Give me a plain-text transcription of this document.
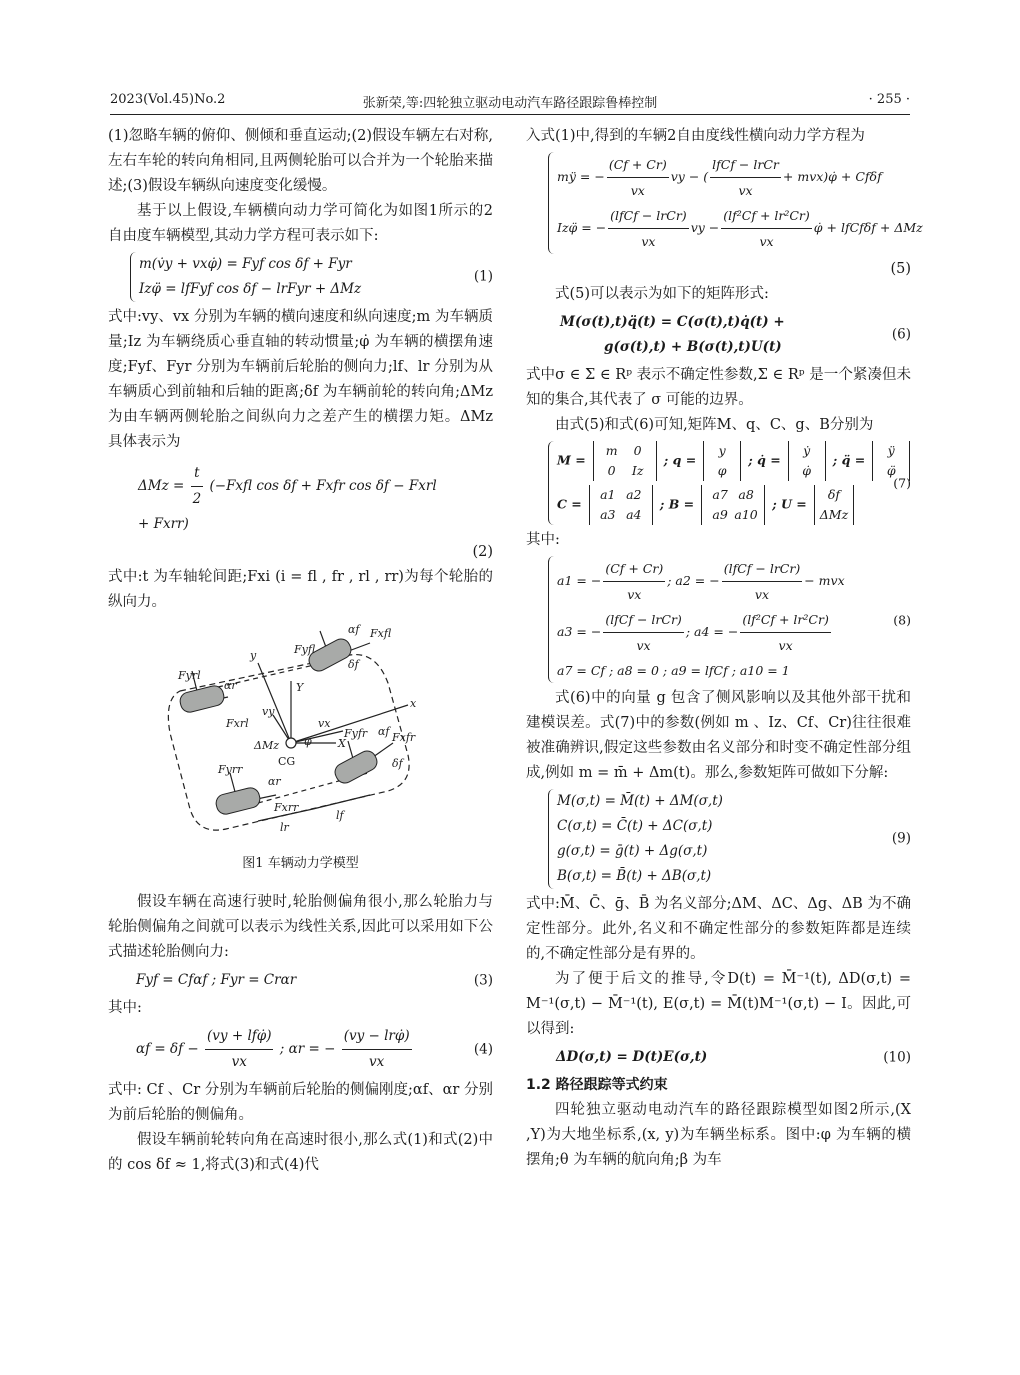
2023(Vol.45)No.2	张新荣,等:四轮独立驱动电动汽车路径跟踪鲁棒控制	· 255 ·

(1)忽略车辆的俯仰、侧倾和垂直运动;(2)假设车辆左右对称,左右车轮的转向角相同,且两侧轮胎可以合并为一个轮胎来描述;(3)假设车辆纵向速度变化缓慢。

基于以上假设,车辆横向动力学可简化为如图1所示的2自由度车辆模型,其动力学方程可表示如下:

m(v̇y + vxφ̇) = Fyf cos δf + Fyr
Izφ̈ = lfFyf cos δf − lrFyr + ΔMz
(1)

式中:vy、vx 分别为车辆的横向速度和纵向速度;m 为车辆质量;Iz 为车辆绕质心垂直轴的转动惯量;φ̇ 为车辆的横摆角速度;Fyf、Fyr 分别为车辆前后轮胎的侧向力;lf、lr 分别为从车辆质心到前轴和后轴的距离;δf 为车辆前轮的转向角;ΔMz 为由车辆两侧轮胎之间纵向力之差产生的横摆力矩。ΔMz 具体表示为

$\Delta Mz = \frac{t}{2}$ (−Fxfl cos δf + Fxfr cos δf − Fxrl + Fxrr)

(2)

式中:t 为车轴轮间距;Fxi (i = fl , fr , rl , rr)为每个轮胎的纵向力。

y	Fyfl
αf
δf
Fxfl
Fyrl
αr
Fxrl
Y
vy
vx
x
ΔMz φ X
CG
αf Fxfr
Fyfr
δf
Fyrr
αr
Fxrr
lr
lf
图1 车辆动力学模型

假设车辆在高速行驶时,轮胎侧偏角很小,那么轮胎力与轮胎侧偏角之间就可以表示为线性关系,因此可以采用如下公式描述轮胎侧向力:

Fyf = Cfαf ; Fyr = Crαr	(3)

其中:

$\alpha f = \delta f - \frac{\text{(vy + lfφ̇)}}{vx}$ ; αr = − $\frac{\text{(vy − lrφ̇)}}{vx}$	(4)

式中: Cf 、Cr 分别为车辆前后轮胎的侧偏刚度;αf、αr 分别为前后轮胎的侧偏角。

假设车辆前轮转向角在高速时很小,那么式(1)和式(2)中的 cos δf ≈ 1,将式(3)和式(4)代

入式(1)中,得到的车辆2自由度线性横向动力学方程为

mÿ = − $\frac{(Cf + Cr)}{vx}$ vy − ( $\frac{\text{lfCf − lrCr}}{vx}$ + mvx)φ̇ + Cfδf
Izφ̈ = − $\frac{\text{(lfCf − lrCr)}}{vx}$ vy − $\frac{\text{(lf²Cf + lr²Cr)}}{vx}$ φ̇ + lfCfδf + ΔMz

(5)

式(5)可以表示为如下的矩阵形式:

M(σ(t),t)q̈(t) = C(σ(t),t)q̇(t) +
g(σ(t),t) + B(σ(t),t)U(t)
(6)

式中σ ∈ Σ ∈ Rᵖ 表示不确定性参数,Σ ∈ Rᵖ 是一个紧凑但未知的集合,其代表了 σ 可能的边界。

由式(5)和式(6)可知,矩阵M、q、C、g、B分别为

M = m 0
0 Iz ; q = y
φ ; q̇ = ẏ
φ̇ ; q̈ = ÿ
φ̈
C = a1 a2
a3 a4 ; B = a7 a8
a9 a10 ; U = δf
ΔMz
(7)

其中:

a1 = − $\frac{(Cf + Cr)}{vx}$ ; a2 = − $\frac{\text{(lfCf − lrCr)}}{vx}$ − mvx
a3 = − $\frac{\text{(lfCf − lrCr)}}{vx}$ ; a4 = − $\frac{\text{(lf²Cf + lr²Cr)}}{vx}$
a7 = Cf ; a8 = 0 ; a9 = lfCf ; a10 = 1
(8)

式(6)中的向量 g 包含了侧风影响以及其他外部干扰和建模误差。式(7)中的参数(例如 m 、Iz、Cf、Cr)往往很难被准确辨识,假定这些参数由名义部分和时变不确定性部分组成,例如 m = m̄ + Δm(t)。那么,参数矩阵可做如下分解:

M(σ,t) = M̄(t) + ΔM(σ,t)
C(σ,t) = C̄(t) + ΔC(σ,t)
g(σ,t) = ḡ(t) + Δg(σ,t)
B(σ,t) = B̄(t) + ΔB(σ,t)
(9)

式中:M̄、C̄、ḡ、B̄ 为名义部分;ΔM、ΔC、Δg、ΔB 为不确定性部分。此外,名义和不确定性部分的参数矩阵都是连续的,不确定性部分是有界的。

为了便于后文的推导,令D(t) = M̄⁻¹(t), ΔD(σ,t) = M⁻¹(σ,t) − M̄⁻¹(t), E(σ,t) = M̄(t)M⁻¹(σ,t) − I。因此,可以得到:

ΔD(σ,t) = D(t)E(σ,t)	(10)
1.2 路径跟踪等式约束

四轮独立驱动电动汽车的路径跟踪模型如图2所示,(X ,Y)为大地坐标系,(x, y)为车辆坐标系。图中:φ 为车辆的横摆角;θ 为车辆的航向角;β 为车
